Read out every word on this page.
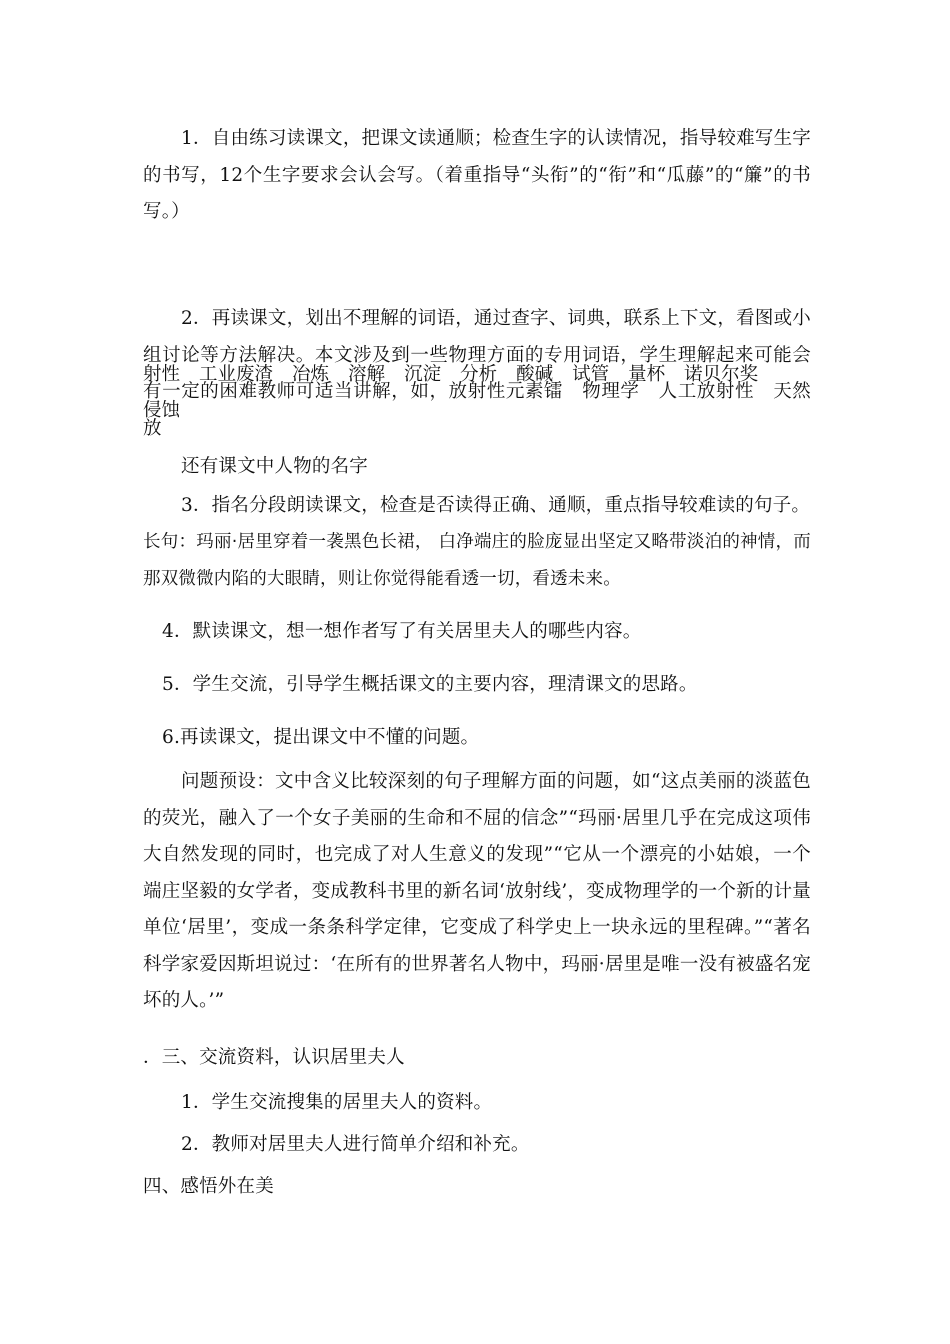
1．自由练习读课文，把课文读通顺；检查生字的认读情况，指导较难写生字的书写，12个生字要求会认会写。（着重指导“头衔”的“衔”和“瓜藤”的“簾”的书写。）

2．再读课文，划出不理解的词语，通过查字、词典，联系上下文，看图或小组讨论等方法解决。本文涉及到一些物理方面的专用词语，学生理解起来可能会有一定的困难教师可适当讲解，如，放射性元素镭　物理学　人工放射性　天然放

射性 工业废渣 冶炼 溶解 沉淀 分析 酸碱 试管 量杯 诺贝尔奖
侵蚀

还有课文中人物的名字

3．指名分段朗读课文，检查是否读得正确、通顺，重点指导较难读的句子。

长句：玛丽·居里穿着一袭黑色长裙， 白净端庄的脸庞显出坚定又略带淡泊的神情，而那双微微内陷的大眼睛，则让你觉得能看透一切，看透未来。

4．默读课文，想一想作者写了有关居里夫人的哪些内容。

5．学生交流，引导学生概括课文的主要内容，理清课文的思路。

6.再读课文，提出课文中不懂的问题。

问题预设：文中含义比较深刻的句子理解方面的问题，如“这点美丽的淡蓝色的荧光，融入了一个女子美丽的生命和不屈的信念”“玛丽·居里几乎在完成这项伟大自然发现的同时，也完成了对人生意义的发现”“它从一个漂亮的小姑娘，一个端庄坚毅的女学者，变成教科书里的新名词‘放射线’，变成物理学的一个新的计量单位‘居里’，变成一条条科学定律，它变成了科学史上一块永远的里程碑。”“著名科学家爱因斯坦说过：‘在所有的世界著名人物中，玛丽·居里是唯一没有被盛名宠坏的人。’”

．三、交流资料，认识居里夫人

1．学生交流搜集的居里夫人的资料。

2．教师对居里夫人进行简单介绍和补充。

四、感悟外在美
